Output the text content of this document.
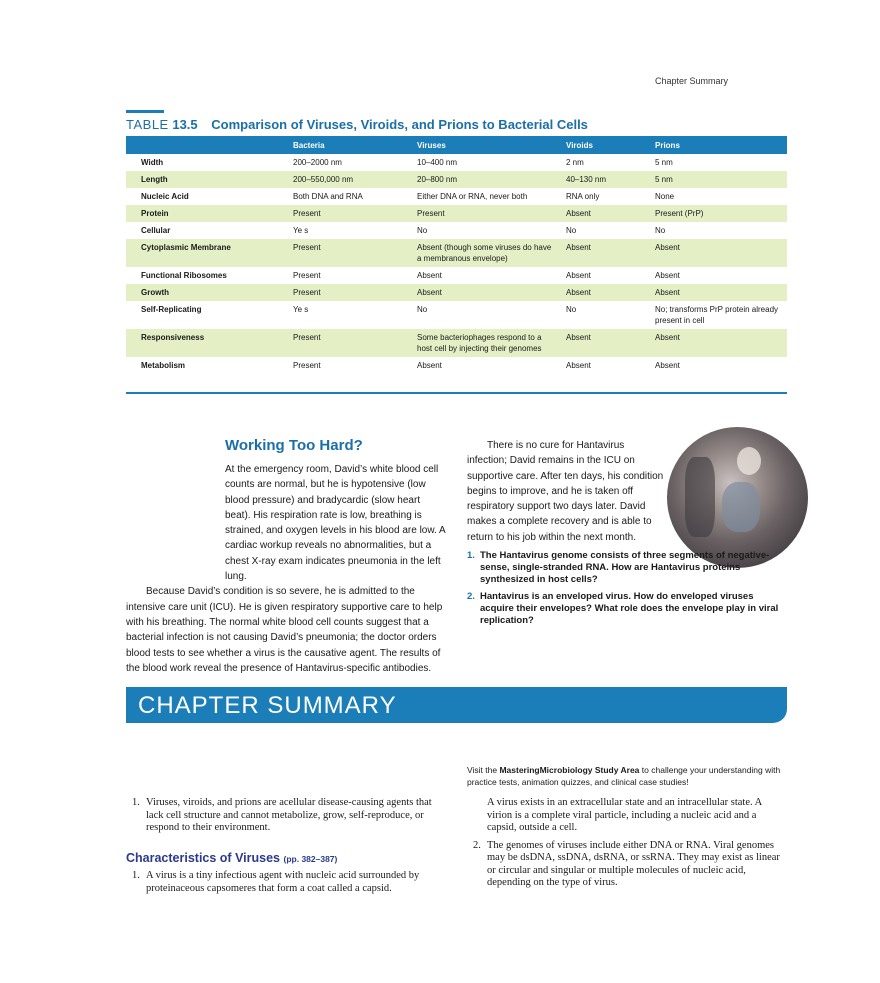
Chapter Summary
TABLE 13.5 Comparison of Viruses, Viroids, and Prions to Bacterial Cells
	Bacteria	Viruses	Viroids	Prions
Width	200–2000 nm	10–400 nm	2 nm	5 nm
Length	200–550,000 nm	20–800 nm	40–130 nm	5 nm
Nucleic Acid	Both DNA and RNA	Either DNA or RNA, never both	RNA only	None
Protein	Present	Present	Absent	Present (PrP)
Cellular	Ye s	No	No	No
Cytoplasmic Membrane	Present	Absent (though some viruses do have a membranous envelope)	Absent	Absent
Functional Ribosomes	Present	Absent	Absent	Absent
Growth	Present	Absent	Absent	Absent
Self-Replicating	Ye s	No	No	No; transforms PrP protein already present in cell
Responsiveness	Present	Some bacteriophages respond to a host cell by injecting their genomes	Absent	Absent
Metabolism	Present	Absent	Absent	Absent
Working Too Hard?

At the emergency room, David’s white blood cell counts are normal, but he is hypotensive (low blood pressure) and bradycardic (slow heart beat). His respiration rate is low, breathing is strained, and oxygen levels in his blood are low. A cardiac workup reveals no abnormalities, but a chest X-ray exam indicates pneumonia in the left lung.

Because David’s condition is so severe, he is admitted to the intensive care unit (ICU). He is given respiratory supportive care to help with his breathing. The normal white blood cell counts suggest that a bacterial infection is not causing David’s pneumonia; the doctor orders blood tests to see whether a virus is the causative agent. The results of the blood work reveal the presence of Hantavirus-specific antibodies.

There is no cure for Hantavirus infection; David remains in the ICU on supportive care. After ten days, his condition begins to improve, and he is taken off respiratory support two days later. David makes a complete recovery and is able to return to his job within the next month.

1. The Hantavirus genome consists of three segments of negative-sense, single-stranded RNA. How are Hantavirus proteins synthesized in host cells?
2. Hantavirus is an enveloped virus. How do enveloped viruses acquire their envelopes? What role does the envelope play in viral replication?
CHAPTER SUMMARY
Visit the MasteringMicrobiology Study Area to challenge your understanding with practice tests, animation quizzes, and clinical case studies!
1. Viruses, viroids, and prions are acellular disease-causing agents that lack cell structure and cannot metabolize, grow, self-reproduce, or respond to their environment.
Characteristics of Viruses (pp. 382–387)
1. A virus is a tiny infectious agent with nucleic acid surrounded by proteinaceous capsomeres that form a coat called a capsid.
A virus exists in an extracellular state and an intracellular state. A virion is a complete viral particle, including a nucleic acid and a capsid, outside a cell.
2. The genomes of viruses include either DNA or RNA. Viral genomes may be dsDNA, ssDNA, dsRNA, or ssRNA. They may exist as linear or circular and singular or multiple molecules of nucleic acid, depending on the type of virus.
